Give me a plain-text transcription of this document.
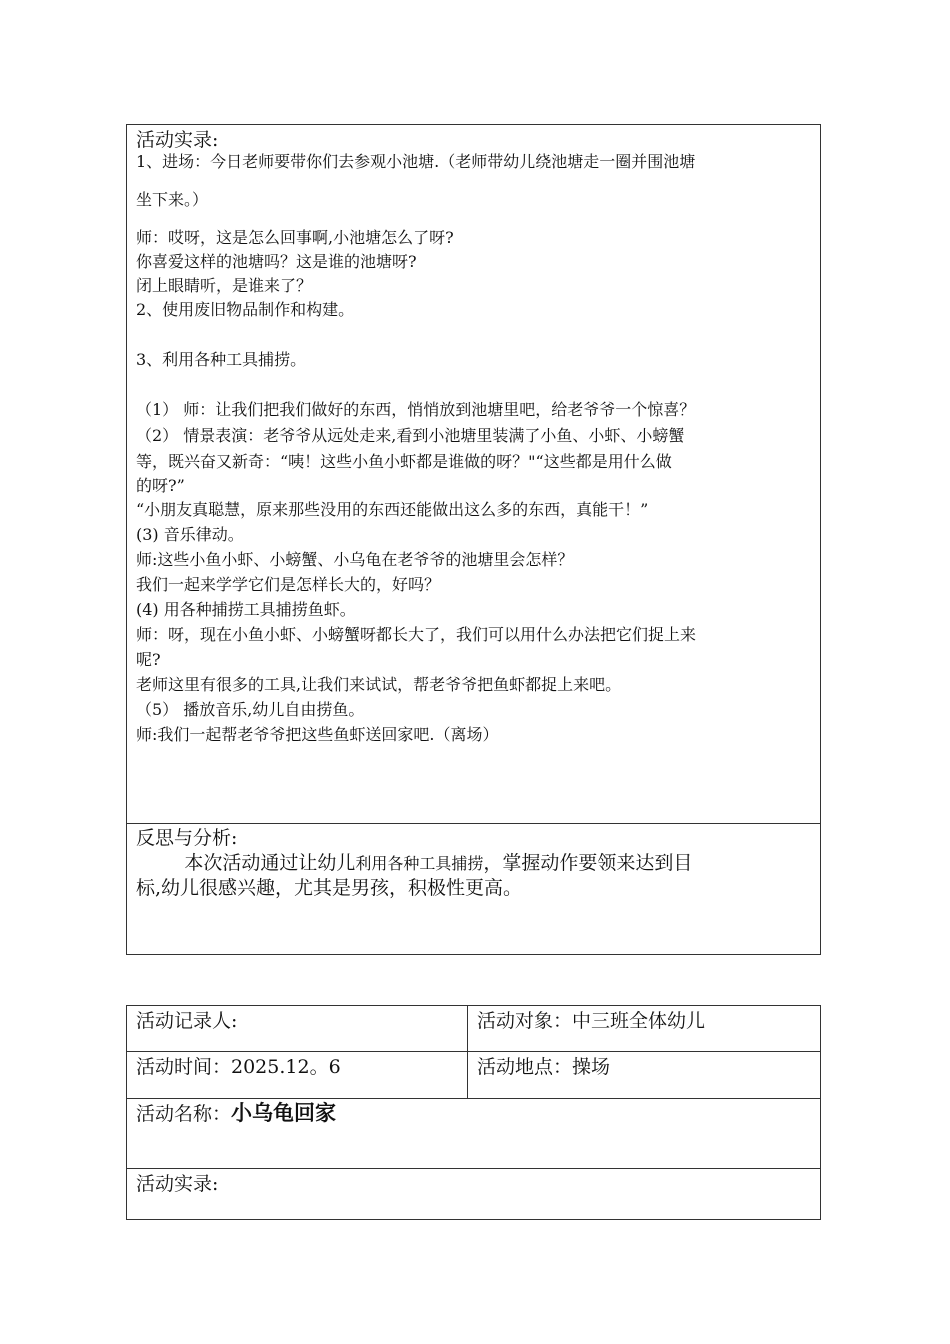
活动实录:
1、进场：今日老师要带你们去参观小池塘.（老师带幼儿绕池塘走一圈并围池塘
坐下来。）
师：哎呀，这是怎么回事啊,小池塘怎么了呀?
你喜爱这样的池塘吗？这是谁的池塘呀?
闭上眼睛听，是谁来了？
2、使用废旧物品制作和构建。
3、利用各种工具捕捞。
（1） 师：让我们把我们做好的东西，悄悄放到池塘里吧，给老爷爷一个惊喜？
（2） 情景表演：老爷爷从远处走来,看到小池塘里装满了小鱼、小虾、小螃蟹
等，既兴奋又新奇：“咦！这些小鱼小虾都是谁做的呀？"“这些都是用什么做
的呀?”
“小朋友真聪慧，原来那些没用的东西还能做出这么多的东西，真能干！”
(3) 音乐律动。
师:这些小鱼小虾、小螃蟹、小乌龟在老爷爷的池塘里会怎样？
我们一起来学学它们是怎样长大的，好吗？
(4) 用各种捕捞工具捕捞鱼虾。
师：呀，现在小鱼小虾、小螃蟹呀都长大了，我们可以用什么办法把它们捉上来
呢?
老师这里有很多的工具,让我们来试试，帮老爷爷把鱼虾都捉上来吧。
（5） 播放音乐,幼儿自由捞鱼。
师:我们一起帮老爷爷把这些鱼虾送回家吧.（离场）
反思与分析:
本次活动通过让幼儿利用各种工具捕捞，掌握动作要领来达到目
标,幼儿很感兴趣，尤其是男孩，积极性更高。
活动记录人:	活动对象：中三班全体幼儿
活动时间：2025.12。6	活动地点：操场
活动名称：小乌龟回家
活动实录:
